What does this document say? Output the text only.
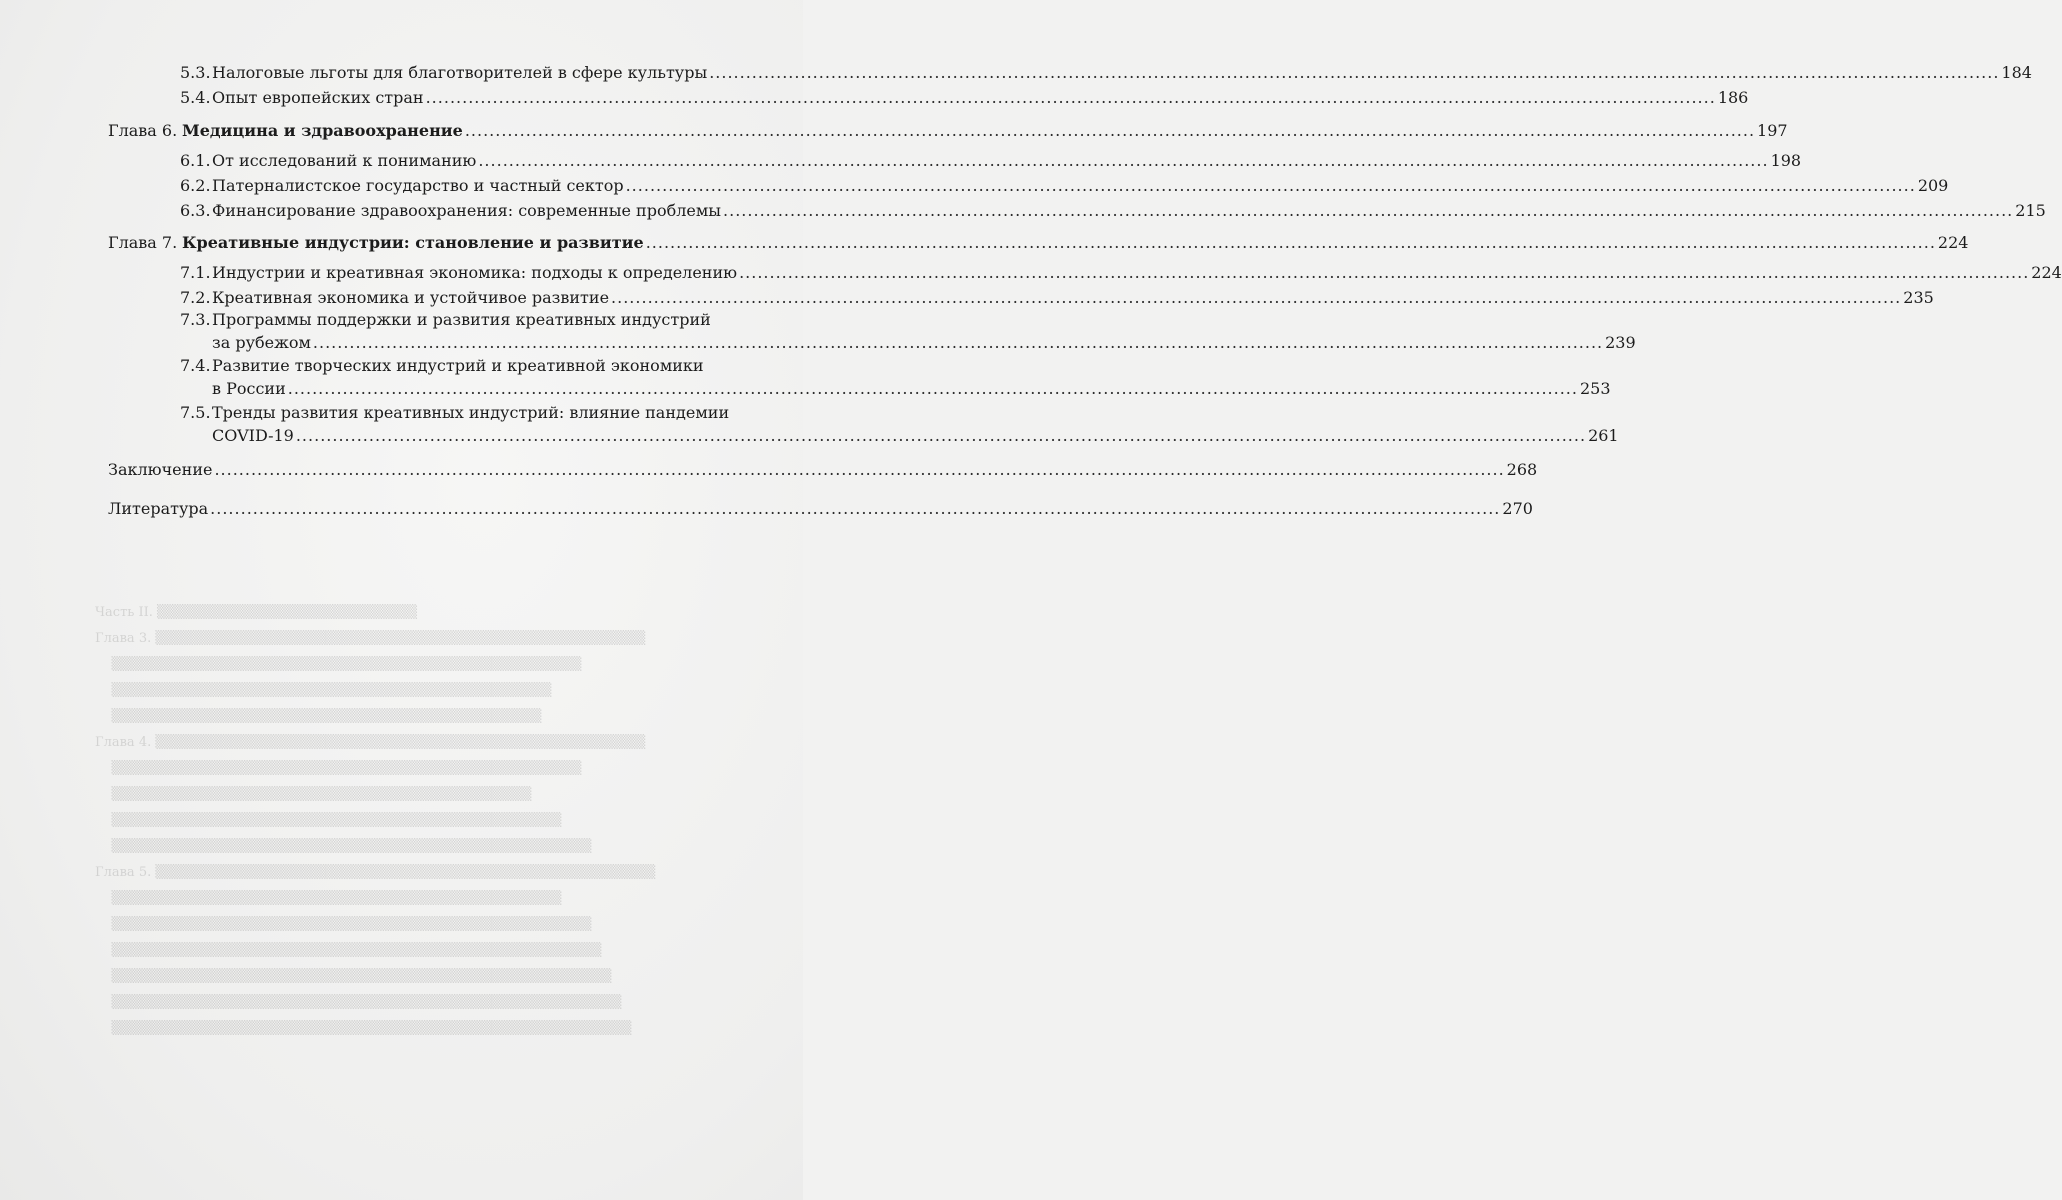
Часть II. ▒▒▒▒▒▒▒▒▒▒▒▒▒▒▒▒▒▒▒▒▒▒▒▒▒▒
Глава 3. ▒▒▒▒▒▒▒▒▒▒▒▒▒▒▒▒▒▒▒▒▒▒▒▒▒▒▒▒▒▒▒▒▒▒▒▒▒▒▒▒▒▒▒▒▒▒▒▒▒
▒▒▒▒▒▒▒▒▒▒▒▒▒▒▒▒▒▒▒▒▒▒▒▒▒▒▒▒▒▒▒▒▒▒▒▒▒▒▒▒▒▒▒▒▒▒▒
▒▒▒▒▒▒▒▒▒▒▒▒▒▒▒▒▒▒▒▒▒▒▒▒▒▒▒▒▒▒▒▒▒▒▒▒▒▒▒▒▒▒▒▒
▒▒▒▒▒▒▒▒▒▒▒▒▒▒▒▒▒▒▒▒▒▒▒▒▒▒▒▒▒▒▒▒▒▒▒▒▒▒▒▒▒▒▒
Глава 4. ▒▒▒▒▒▒▒▒▒▒▒▒▒▒▒▒▒▒▒▒▒▒▒▒▒▒▒▒▒▒▒▒▒▒▒▒▒▒▒▒▒▒▒▒▒▒▒▒▒
▒▒▒▒▒▒▒▒▒▒▒▒▒▒▒▒▒▒▒▒▒▒▒▒▒▒▒▒▒▒▒▒▒▒▒▒▒▒▒▒▒▒▒▒▒▒▒
▒▒▒▒▒▒▒▒▒▒▒▒▒▒▒▒▒▒▒▒▒▒▒▒▒▒▒▒▒▒▒▒▒▒▒▒▒▒▒▒▒▒
▒▒▒▒▒▒▒▒▒▒▒▒▒▒▒▒▒▒▒▒▒▒▒▒▒▒▒▒▒▒▒▒▒▒▒▒▒▒▒▒▒▒▒▒▒
▒▒▒▒▒▒▒▒▒▒▒▒▒▒▒▒▒▒▒▒▒▒▒▒▒▒▒▒▒▒▒▒▒▒▒▒▒▒▒▒▒▒▒▒▒▒▒▒
Глава 5. ▒▒▒▒▒▒▒▒▒▒▒▒▒▒▒▒▒▒▒▒▒▒▒▒▒▒▒▒▒▒▒▒▒▒▒▒▒▒▒▒▒▒▒▒▒▒▒▒▒▒
▒▒▒▒▒▒▒▒▒▒▒▒▒▒▒▒▒▒▒▒▒▒▒▒▒▒▒▒▒▒▒▒▒▒▒▒▒▒▒▒▒▒▒▒▒
▒▒▒▒▒▒▒▒▒▒▒▒▒▒▒▒▒▒▒▒▒▒▒▒▒▒▒▒▒▒▒▒▒▒▒▒▒▒▒▒▒▒▒▒▒▒▒▒
▒▒▒▒▒▒▒▒▒▒▒▒▒▒▒▒▒▒▒▒▒▒▒▒▒▒▒▒▒▒▒▒▒▒▒▒▒▒▒▒▒▒▒▒▒▒▒▒▒
▒▒▒▒▒▒▒▒▒▒▒▒▒▒▒▒▒▒▒▒▒▒▒▒▒▒▒▒▒▒▒▒▒▒▒▒▒▒▒▒▒▒▒▒▒▒▒▒▒▒
▒▒▒▒▒▒▒▒▒▒▒▒▒▒▒▒▒▒▒▒▒▒▒▒▒▒▒▒▒▒▒▒▒▒▒▒▒▒▒▒▒▒▒▒▒▒▒▒▒▒▒
▒▒▒▒▒▒▒▒▒▒▒▒▒▒▒▒▒▒▒▒▒▒▒▒▒▒▒▒▒▒▒▒▒▒▒▒▒▒▒▒▒▒▒▒▒▒▒▒▒▒▒▒
5.3. Налоговые льготы для благотворителей в сфере культуры .....	184
5.4. Опыт европейских стран .....	186
Глава 6. Медицина и здравоохранение .....	197
6.1. От исследований к пониманию .....	198
6.2. Патерналистское государство и частный сектор .....	209
6.3. Финансирование здравоохранения: современные проблемы .....	215
Глава 7. Креативные индустрии: становление и развитие .....	224
7.1. Индустрии и креативная экономика: подходы к определению .....	224
7.2. Креативная экономика и устойчивое развитие .....	235
7.3.Программы поддержки и развития креативных индустрий
за рубежом .....	239
7.4.Развитие творческих индустрий и креативной экономики
в России .....	253
7.5.Тренды развития креативных индустрий: влияние пандемии
COVID-19 .....	261
Заключение .....	268
Литература .....	270
